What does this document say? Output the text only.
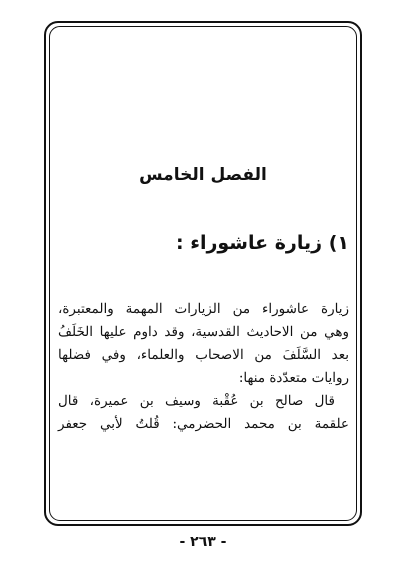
الفصل الخامس
١) زيارة عاشوراء :
زيارة عاشوراء من الزيارات المهمة والمعتبرة،
وهي من الاحاديث القدسية، وقد داوم عليها الخَلَفُ
بعد السَّلَفَ من الاصحاب والعلماء، وفي فضلها
روايات متعدّدة منها:
قال صالح بن عُقْبة وسيف بن عميرة، قال
علقمة بن محمد الحضرمي: قُلتُ لأبي جعفر
- ٢٦٣ -
